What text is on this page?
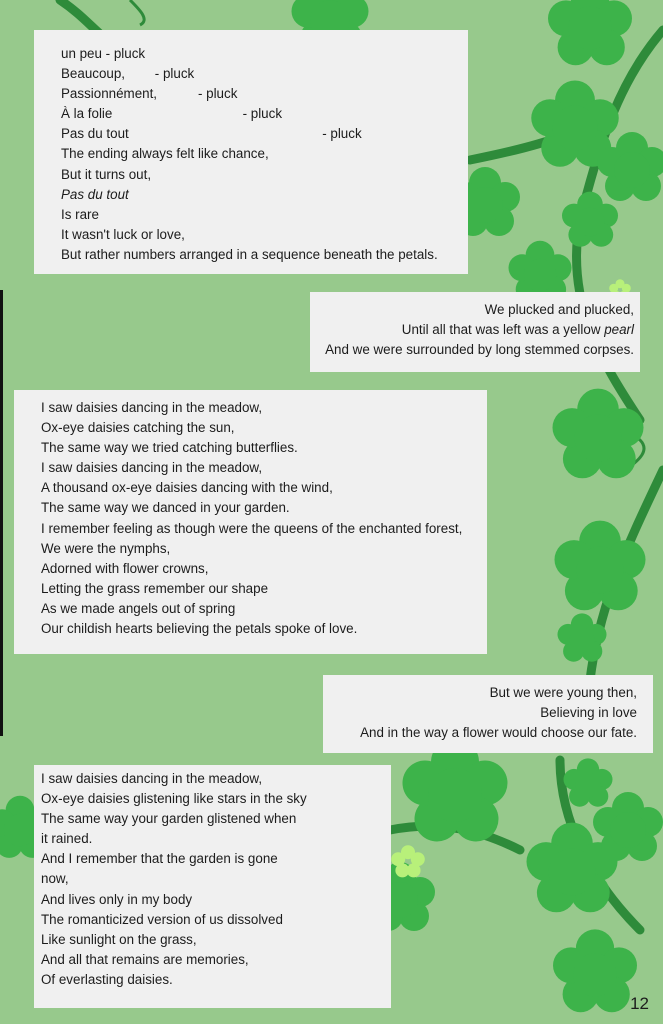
un peu - pluck
Beaucoup,        - pluck
Passionnément,           - pluck
À la folie                                   - pluck
Pas du tout                                                    - pluck
The ending always felt like chance,
But it turns out,
Pas du tout
Is rare
It wasn't luck or love,
But rather numbers arranged in a sequence beneath the petals.
We plucked and plucked,
Until all that was left was a yellow pearl
And we were surrounded by long stemmed corpses.
I saw daisies dancing in the meadow,
Ox-eye daisies catching the sun,
The same way we tried catching butterflies.
I saw daisies dancing in the meadow,
A thousand ox-eye daisies dancing with the wind,
The same way we danced in your garden.
I remember feeling as though were the queens of the enchanted forest,
We were the nymphs,
Adorned with flower crowns,
Letting the grass remember our shape
As we made angels out of spring
Our childish hearts believing the petals spoke of love.
But we were young then,
Believing in love
And in the way a flower would choose our fate.
I saw daisies dancing in the meadow,
Ox-eye daisies glistening like stars in the sky
The same way your garden glistened when
it rained.
And I remember that the garden is gone
now,
And lives only in my body
The romanticized version of us dissolved
Like sunlight on the grass,
And all that remains are memories,
Of everlasting daisies.
12
